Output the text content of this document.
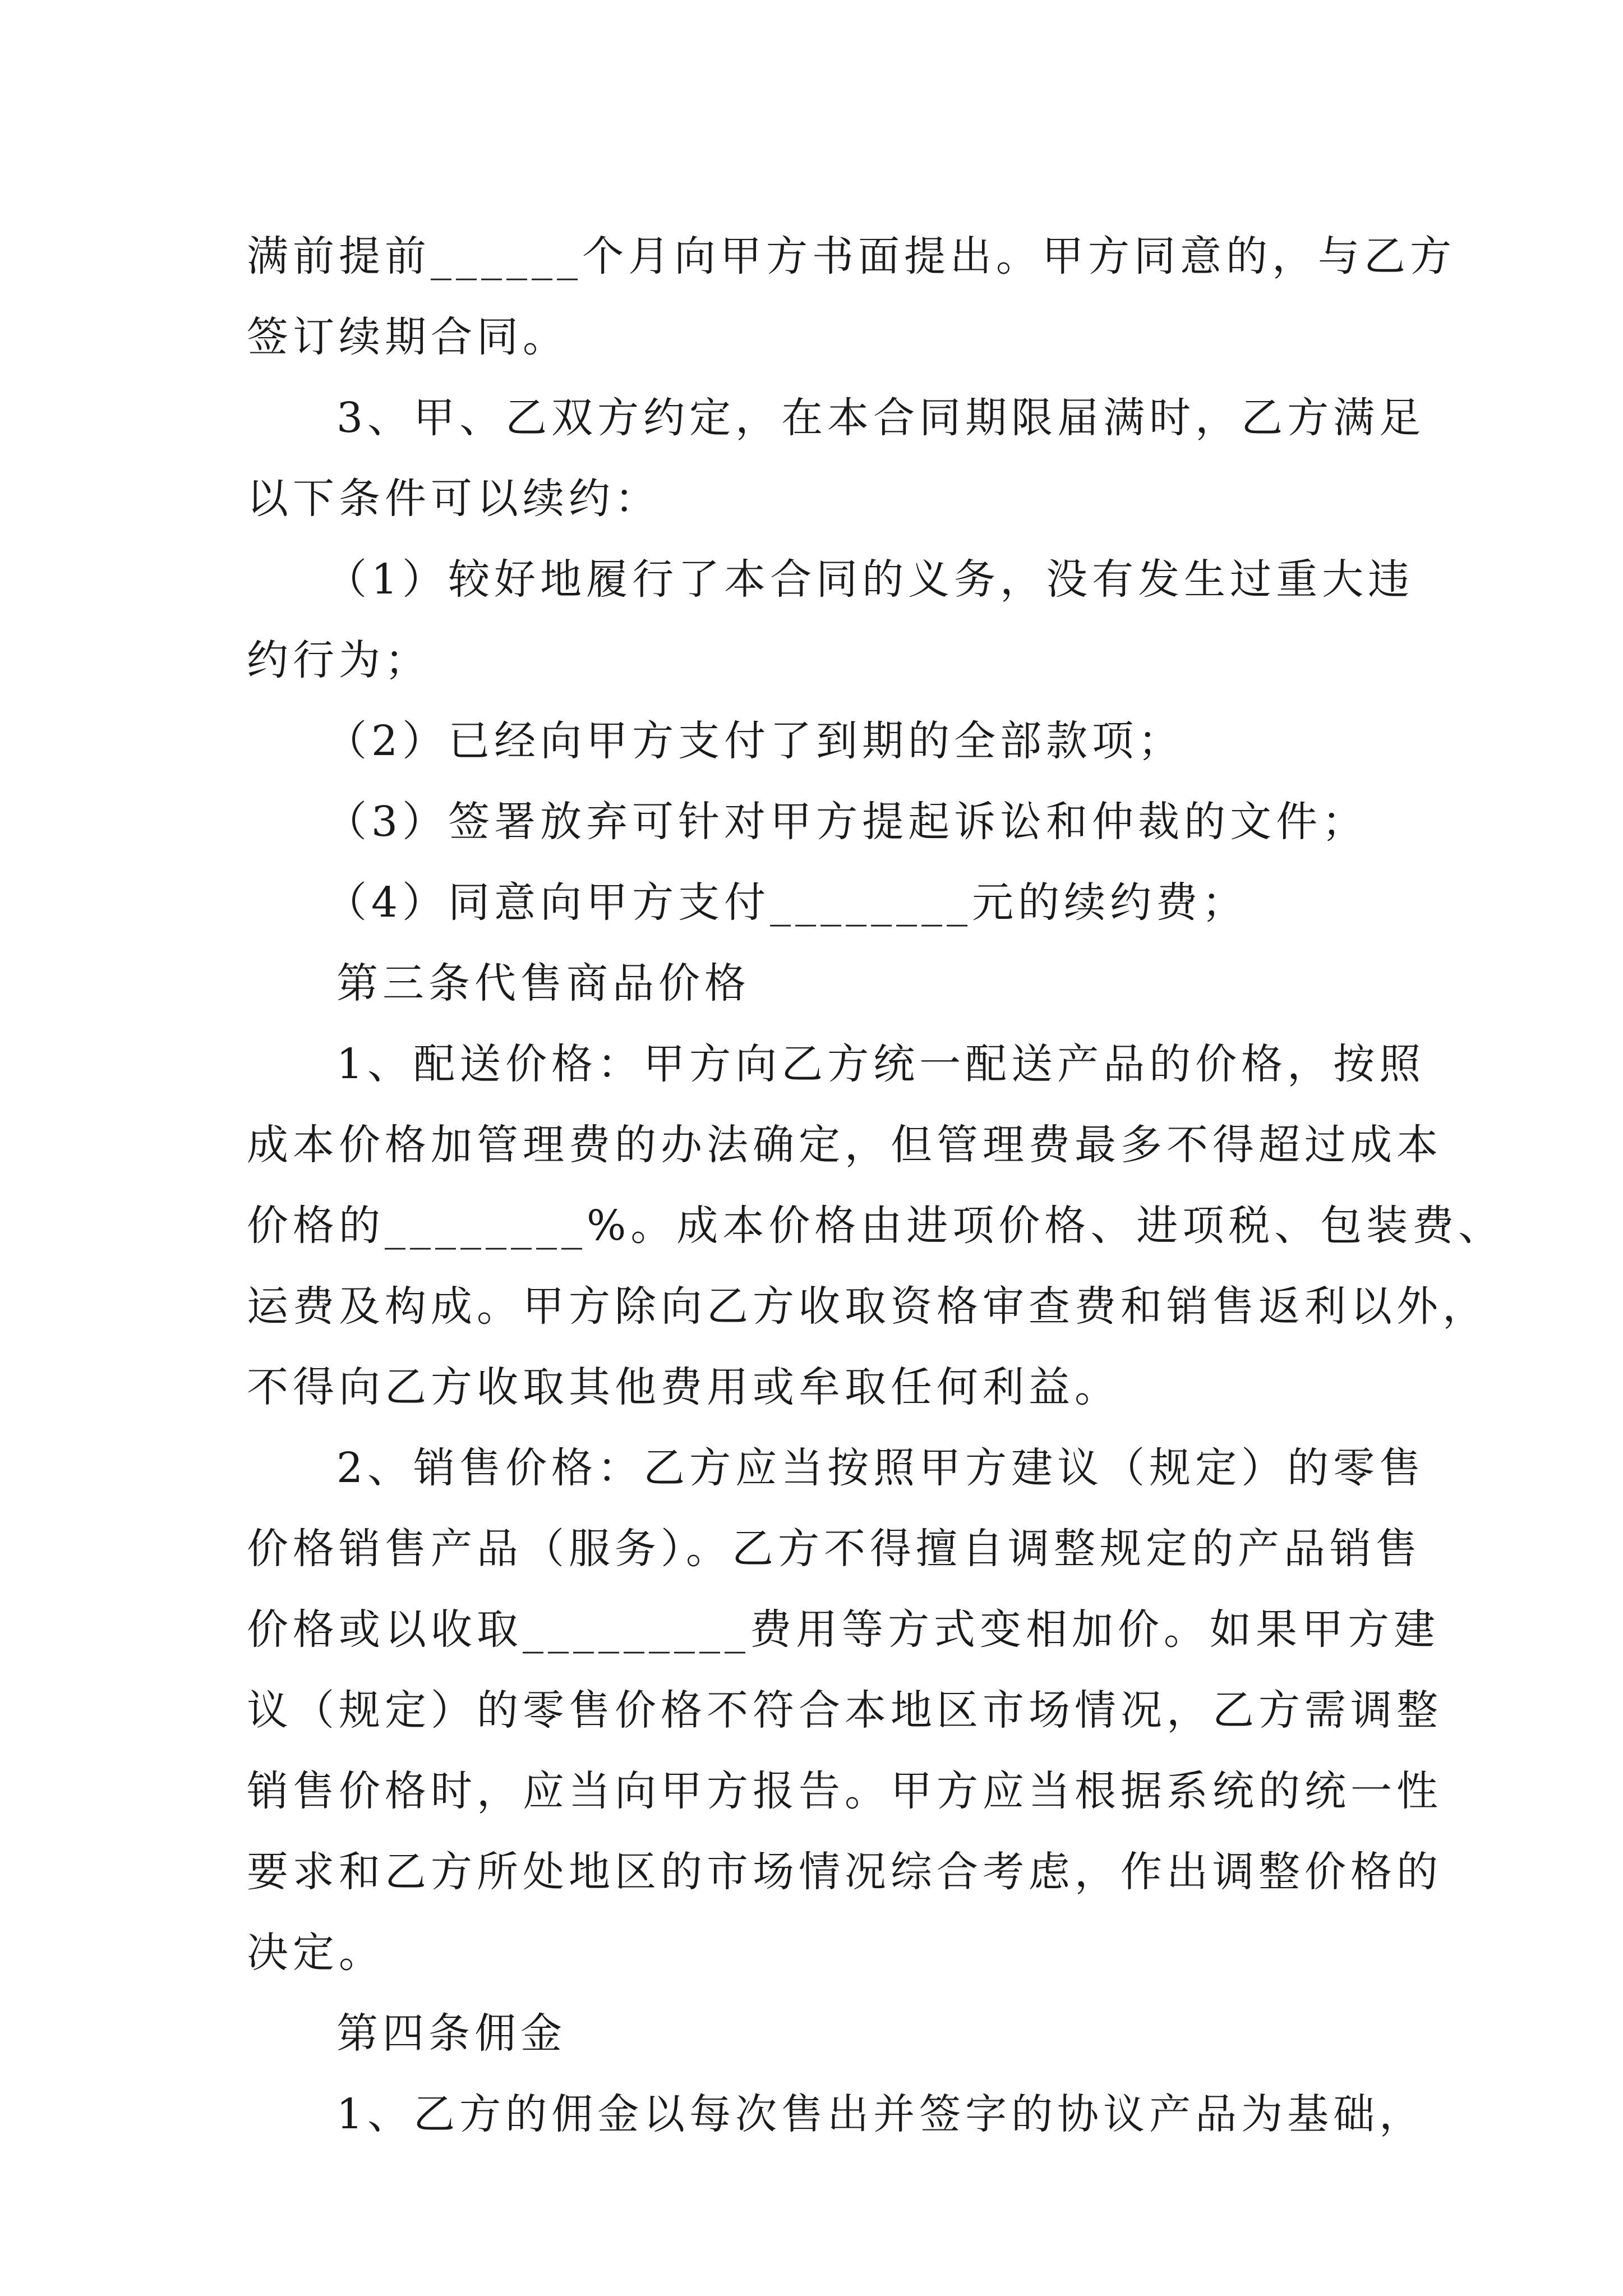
满前提前______个月向甲方书面提出。甲方同意的，与乙方
签订续期合同。
3、甲、乙双方约定，在本合同期限届满时，乙方满足
以下条件可以续约：
（1）较好地履行了本合同的义务，没有发生过重大违
约行为；
（2）已经向甲方支付了到期的全部款项；
（3）签署放弃可针对甲方提起诉讼和仲裁的文件；
（4）同意向甲方支付________元的续约费；
第三条代售商品价格
1、配送价格：甲方向乙方统一配送产品的价格，按照
成本价格加管理费的办法确定，但管理费最多不得超过成本
价格的________%。成本价格由进项价格、进项税、包装费、
运费及构成。甲方除向乙方收取资格审查费和销售返利以外，
不得向乙方收取其他费用或牟取任何利益。
2、销售价格：乙方应当按照甲方建议（规定）的零售
价格销售产品（服务）。乙方不得擅自调整规定的产品销售
价格或以收取_________费用等方式变相加价。如果甲方建
议（规定）的零售价格不符合本地区市场情况，乙方需调整
销售价格时，应当向甲方报告。甲方应当根据系统的统一性
要求和乙方所处地区的市场情况综合考虑，作出调整价格的
决定。
第四条佣金
1、乙方的佣金以每次售出并签字的协议产品为基础，
